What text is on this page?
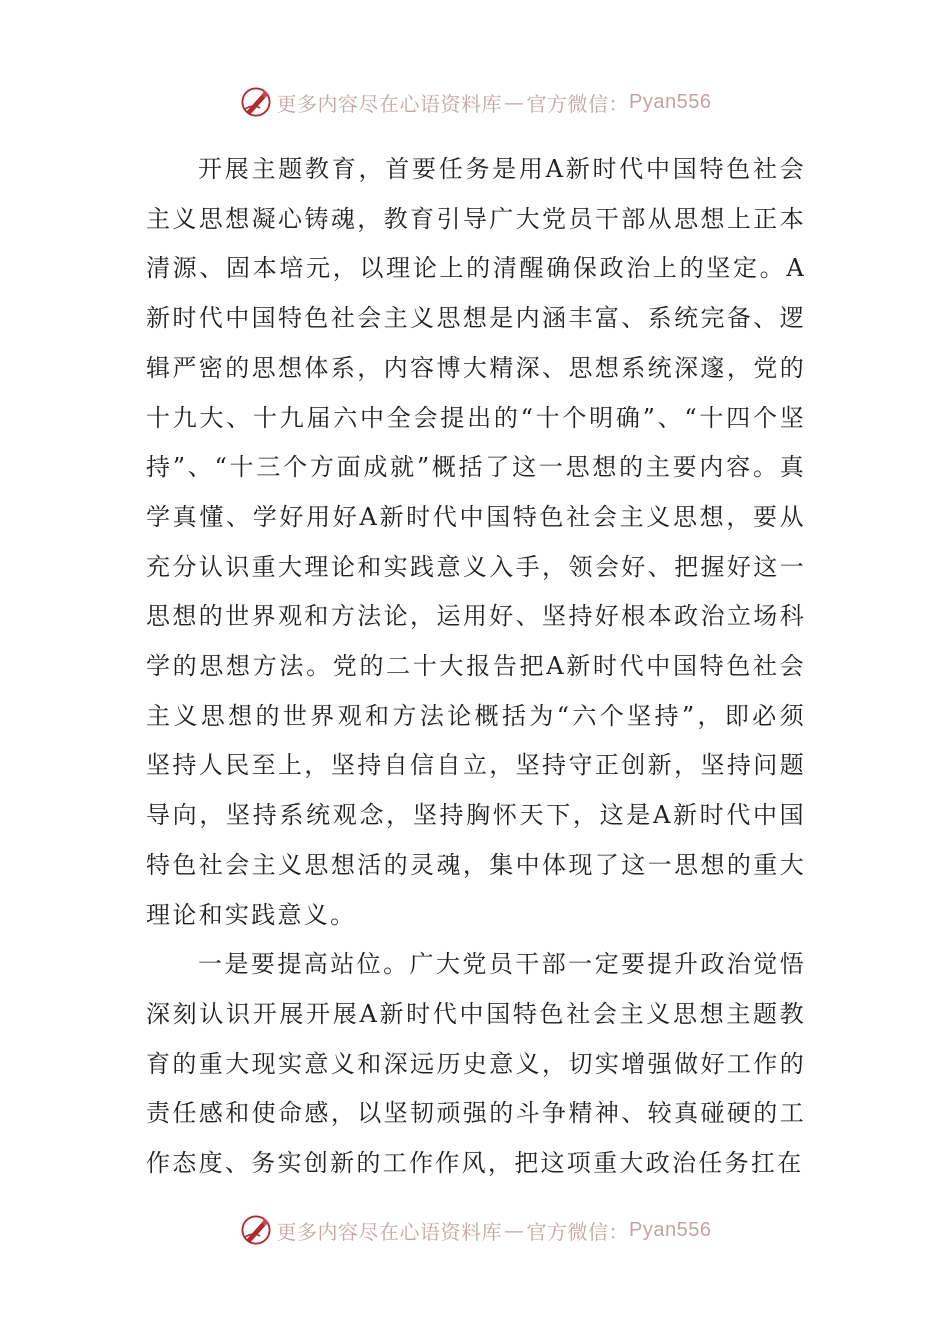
更多内容尽在心语资料库 — 官方微信： Pyan556

开展主题教育，首要任务是用A新时代中国特色社会主义思想凝心铸魂，教育引导广大党员干部从思想上正本清源、固本培元，以理论上的清醒确保政治上的坚定。A新时代中国特色社会主义思想是内涵丰富、系统完备、逻辑严密的思想体系，内容博大精深、思想系统深邃，党的十九大、十九届六中全会提出的“十个明确”、“十四个坚持”、“十三个方面成就”概括了这一思想的主要内容。真学真懂、学好用好A新时代中国特色社会主义思想，要从充分认识重大理论和实践意义入手，领会好、把握好这一思想的世界观和方法论，运用好、坚持好根本政治立场科学的思想方法。党的二十大报告把A新时代中国特色社会主义思想的世界观和方法论概括为“六个坚持”，即必须坚持人民至上，坚持自信自立，坚持守正创新，坚持问题导向，坚持系统观念，坚持胸怀天下，这是A新时代中国特色社会主义思想活的灵魂，集中体现了这一思想的重大理论和实践意义。

一是要提高站位。广大党员干部一定要提升政治觉悟深刻认识开展开展A新时代中国特色社会主义思想主题教育的重大现实意义和深远历史意义，切实增强做好工作的责任感和使命感，以坚韧顽强的斗争精神、较真碰硬的工作态度、务实创新的工作作风，把这项重大政治任务扛在

更多内容尽在心语资料库 — 官方微信： Pyan556
